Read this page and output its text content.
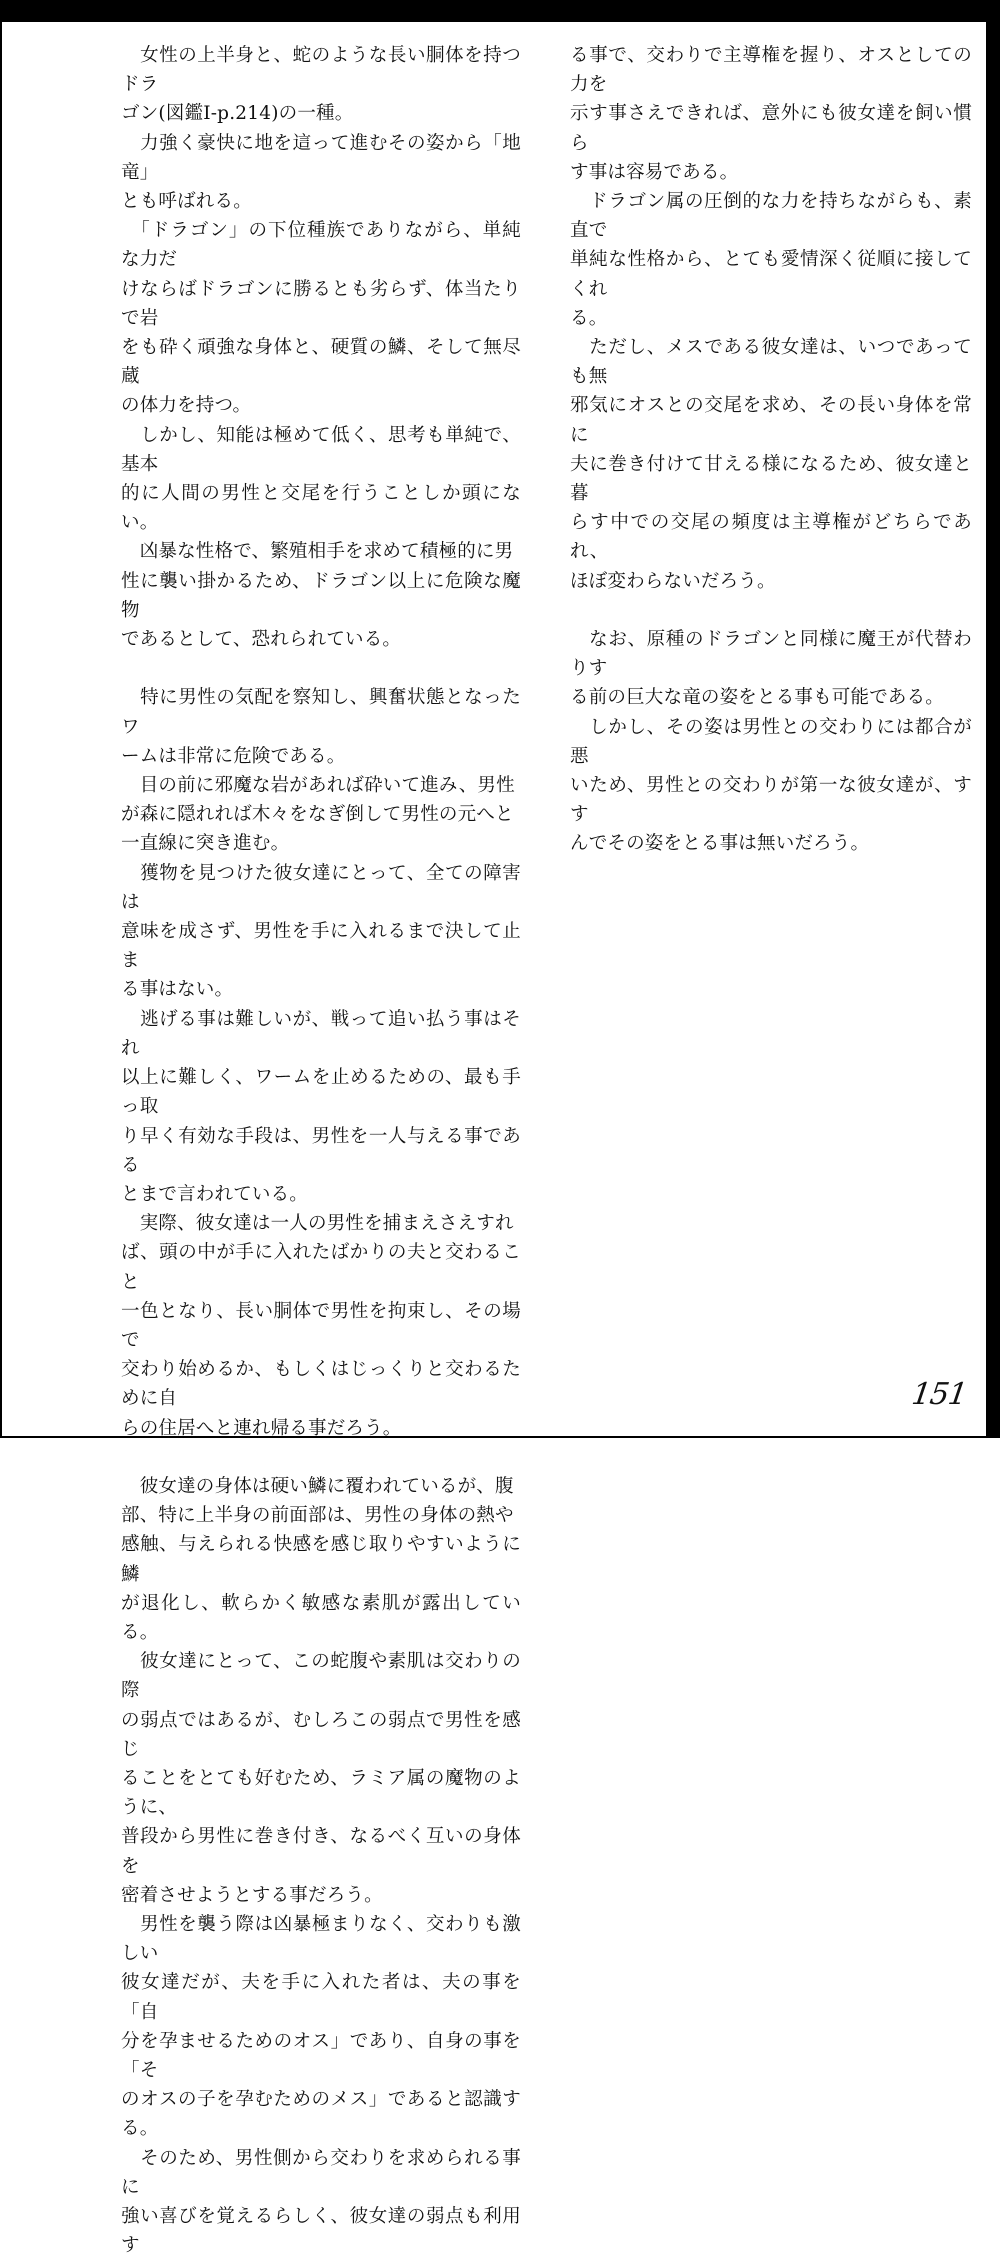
　女性の上半身と、蛇のような長い胴体を持つドラ
ゴン(図鑑Ⅰ-p.214)の一種。

　力強く豪快に地を這って進むその姿から「地竜」
とも呼ばれる。

　「ドラゴン」の下位種族でありながら、単純な力だ
けならばドラゴンに勝るとも劣らず、体当たりで岩
をも砕く頑強な身体と、硬質の鱗、そして無尽蔵
の体力を持つ。

　しかし、知能は極めて低く、思考も単純で、基本
的に人間の男性と交尾を行うことしか頭にない。

　凶暴な性格で、繁殖相手を求めて積極的に男
性に襲い掛かるため、ドラゴン以上に危険な魔物
であるとして、恐れられている。

　特に男性の気配を察知し、興奮状態となったワ
ームは非常に危険である。

　目の前に邪魔な岩があれば砕いて進み、男性
が森に隠れれば木々をなぎ倒して男性の元へと
一直線に突き進む。

　獲物を見つけた彼女達にとって、全ての障害は
意味を成さず、男性を手に入れるまで決して止ま
る事はない。

　逃げる事は難しいが、戦って追い払う事はそれ
以上に難しく、ワームを止めるための、最も手っ取
り早く有効な手段は、男性を一人与える事である
とまで言われている。

　実際、彼女達は一人の男性を捕まえさえすれ
ば、頭の中が手に入れたばかりの夫と交わること
一色となり、長い胴体で男性を拘束し、その場で
交わり始めるか、もしくはじっくりと交わるために自
らの住居へと連れ帰る事だろう。

　彼女達の身体は硬い鱗に覆われているが、腹
部、特に上半身の前面部は、男性の身体の熱や
感触、与えられる快感を感じ取りやすいように鱗
が退化し、軟らかく敏感な素肌が露出している。

　彼女達にとって、この蛇腹や素肌は交わりの際
の弱点ではあるが、むしろこの弱点で男性を感じ
ることをとても好むため、ラミア属の魔物のように、
普段から男性に巻き付き、なるべく互いの身体を
密着させようとする事だろう。

　男性を襲う際は凶暴極まりなく、交わりも激しい
彼女達だが、夫を手に入れた者は、夫の事を「自
分を孕ませるためのオス」であり、自身の事を「そ
のオスの子を孕むためのメス」であると認識する。

　そのため、男性側から交わりを求められる事に
強い喜びを覚えるらしく、彼女達の弱点も利用す

る事で、交わりで主導権を握り、オスとしての力を
示す事さえできれば、意外にも彼女達を飼い慣ら
す事は容易である。

　ドラゴン属の圧倒的な力を持ちながらも、素直で
単純な性格から、とても愛情深く従順に接してくれ
る。

　ただし、メスである彼女達は、いつであっても無
邪気にオスとの交尾を求め、その長い身体を常に
夫に巻き付けて甘える様になるため、彼女達と暮
らす中での交尾の頻度は主導権がどちらであれ、
ほぼ変わらないだろう。

　なお、原種のドラゴンと同様に魔王が代替わりす
る前の巨大な竜の姿をとる事も可能である。

　しかし、その姿は男性との交わりには都合が悪
いため、男性との交わりが第一な彼女達が、すす
んでその姿をとる事は無いだろう。

151
